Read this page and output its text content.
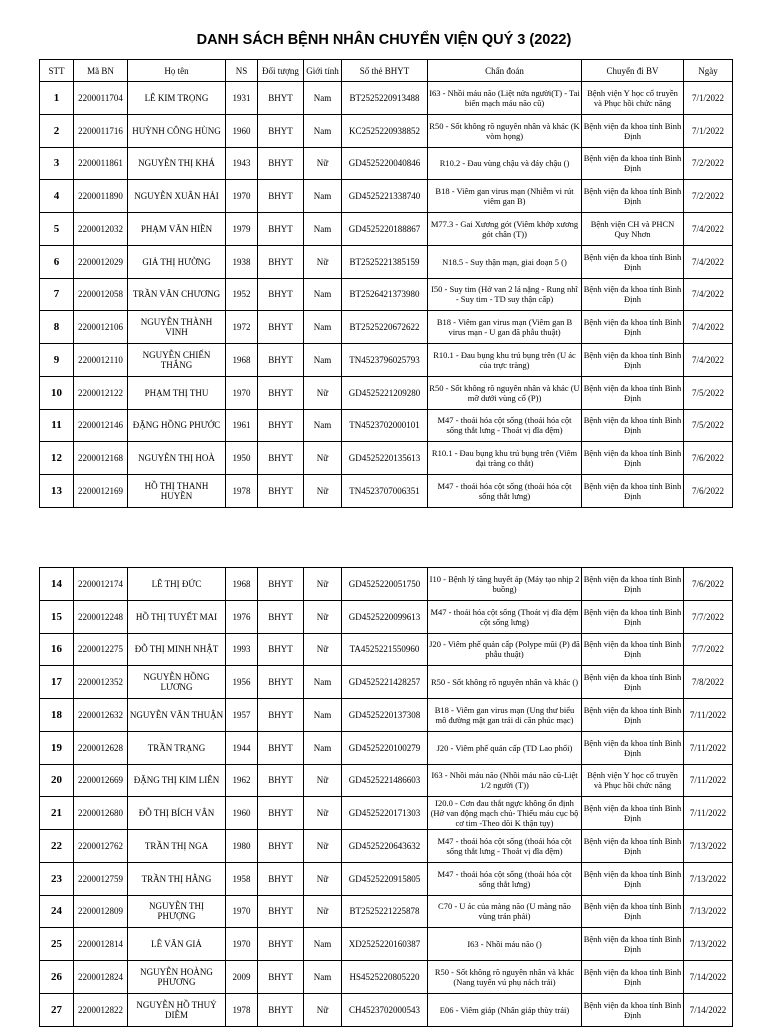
DANH SÁCH BỆNH NHÂN CHUYỂN VIỆN QUÝ 3 (2022)
STT	Mã BN	Họ tên	NS	Đối tượng	Giới tính	Số thẻ BHYT	Chẩn đoán	Chuyển đi BV	Ngày
1	2200011704	LÊ KIM TRỌNG	1931	BHYT	Nam	BT2525220913488	I63 - Nhồi máu não (Liệt nửa người(T) - Tai biến mạch máu não cũ)	Bệnh viện Y học cổ truyền và Phục hồi chức năng	7/1/2022
2	2200011716	HUỲNH CÔNG HÙNG	1960	BHYT	Nam	KC2525220938852	R50 - Sốt không rõ nguyên nhân và khác (K vòm họng)	Bệnh viện đa khoa tỉnh Bình Định	7/1/2022
3	2200011861	NGUYỄN THỊ KHÁ	1943	BHYT	Nữ	GD4525220040846	R10.2 - Đau vùng chậu và đáy chậu ()	Bệnh viện đa khoa tỉnh Bình Định	7/2/2022
4	2200011890	NGUYỄN XUÂN HẢI	1970	BHYT	Nam	GD4525221338740	B18 - Viêm gan virus mạn (Nhiễm vi rút viêm gan B)	Bệnh viện đa khoa tỉnh Bình Định	7/2/2022
5	2200012032	PHẠM VĂN HIỀN	1979	BHYT	Nam	GD4525220188867	M77.3 - Gai Xương gót (Viêm khớp xương gót chân (T))	Bệnh viện CH và PHCN Quy Nhơn	7/4/2022
6	2200012029	GIẢ THỊ HƯỜNG	1938	BHYT	Nữ	BT2525221385159	N18.5 - Suy thận mạn, giai đoạn 5 ()	Bệnh viện đa khoa tỉnh Bình Định	7/4/2022
7	2200012058	TRẦN VĂN CHƯƠNG	1952	BHYT	Nam	BT2526421373980	I50 - Suy tim (Hở van 2 lá nặng - Rung nhĩ - Suy tim - TD suy thận cấp)	Bệnh viện đa khoa tỉnh Bình Định	7/4/2022
8	2200012106	NGUYỄN THÀNH VINH	1972	BHYT	Nam	BT2525220672622	B18 - Viêm gan virus mạn (Viêm gan B virus mạn - U gan đã phẫu thuật)	Bệnh viện đa khoa tỉnh Bình Định	7/4/2022
9	2200012110	NGUYỄN CHIẾN THẮNG	1968	BHYT	Nam	TN4523796025793	R10.1 - Đau bụng khu trú bụng trên (U ác của trực tràng)	Bệnh viện đa khoa tỉnh Bình Định	7/4/2022
10	2200012122	PHẠM THỊ THU	1970	BHYT	Nữ	GD4525221209280	R50 - Sốt không rõ nguyên nhân và khác (U mỡ dưới vùng cổ (P))	Bệnh viện đa khoa tỉnh Bình Định	7/5/2022
11	2200012146	ĐẶNG HỒNG PHƯỚC	1961	BHYT	Nam	TN4523702000101	M47 - thoái hóa cột sống (thoái hóa cột sống thắt lưng - Thoát vị đĩa đệm)	Bệnh viện đa khoa tỉnh Bình Định	7/5/2022
12	2200012168	NGUYỄN THỊ HOÀ	1950	BHYT	Nữ	GD4525220135613	R10.1 - Đau bụng khu trú bụng trên (Viêm đại tràng co thắt)	Bệnh viện đa khoa tỉnh Bình Định	7/6/2022
13	2200012169	HỒ THỊ THANH HUYỀN	1978	BHYT	Nữ	TN4523707006351	M47 - thoái hóa cột sống (thoái hóa cột sống thắt lưng)	Bệnh viện đa khoa tỉnh Bình Định	7/6/2022
14	2200012174	LÊ THỊ ĐỨC	1968	BHYT	Nữ	GD4525220051750	I10 - Bệnh lý tăng huyết áp (Máy tạo nhịp 2 buồng)	Bệnh viện đa khoa tỉnh Bình Định	7/6/2022
15	2200012248	HỒ THỊ TUYẾT MAI	1976	BHYT	Nữ	GD4525220099613	M47 - thoái hóa cột sống (Thoát vị đĩa đệm cột sống lưng)	Bệnh viện đa khoa tỉnh Bình Định	7/7/2022
16	2200012275	ĐỖ THỊ MINH NHẬT	1993	BHYT	Nữ	TA4525221550960	J20 - Viêm phế quản cấp (Polype mũi (P) đã phẫu thuật)	Bệnh viện đa khoa tỉnh Bình Định	7/7/2022
17	2200012352	NGUYỄN HỒNG LƯƠNG	1956	BHYT	Nam	GD4525221428257	R50 - Sốt không rõ nguyên nhân và khác ()	Bệnh viện đa khoa tỉnh Bình Định	7/8/2022
18	2200012632	NGUYỄN VĂN THUẬN	1957	BHYT	Nam	GD4525220137308	B18 - Viêm gan virus mạn (Ung thư biểu mô đường mật gan trái di căn phúc mạc)	Bệnh viện đa khoa tỉnh Bình Định	7/11/2022
19	2200012628	TRẦN TRẠNG	1944	BHYT	Nam	GD4525220100279	J20 - Viêm phế quản cấp (TD Lao phổi)	Bệnh viện đa khoa tỉnh Bình Định	7/11/2022
20	2200012669	ĐẶNG THỊ KIM LIÊN	1962	BHYT	Nữ	GD4525221486603	I63 - Nhồi máu não (Nhồi máu não cũ-Liệt 1/2 người (T))	Bệnh viện Y học cổ truyền và Phục hồi chức năng	7/11/2022
21	2200012680	ĐỖ THỊ BÍCH VÂN	1960	BHYT	Nữ	GD4525220171303	I20.0 - Cơn đau thắt ngực không ổn định (Hở van động mạch chủ- Thiếu máu cục bộ cơ tim -Theo dõi K thận tụy)	Bệnh viện đa khoa tỉnh Bình Định	7/11/2022
22	2200012762	TRẦN THỊ NGA	1980	BHYT	Nữ	GD4525220643632	M47 - thoái hóa cột sống (thoái hóa cột sống thắt lưng - Thoát vị đĩa đệm)	Bệnh viện đa khoa tỉnh Bình Định	7/13/2022
23	2200012759	TRẦN THỊ HẰNG	1958	BHYT	Nữ	GD4525220915805	M47 - thoái hóa cột sống (thoái hóa cột sống thắt lưng)	Bệnh viện đa khoa tỉnh Bình Định	7/13/2022
24	2200012809	NGUYỄN THỊ PHƯỢNG	1970	BHYT	Nữ	BT2525221225878	C70 - U ác của màng não (U màng não vùng trán phải)	Bệnh viện đa khoa tỉnh Bình Định	7/13/2022
25	2200012814	LÊ VĂN GIẢ	1970	BHYT	Nam	XD2525220160387	I63 - Nhồi máu não ()	Bệnh viện đa khoa tỉnh Bình Định	7/13/2022
26	2200012824	NGUYỄN HOÀNG PHƯƠNG	2009	BHYT	Nam	HS4525220805220	R50 - Sốt không rõ nguyên nhân và khác (Nang tuyến vú phụ nách trái)	Bệnh viện đa khoa tỉnh Bình Định	7/14/2022
27	2200012822	NGUYỄN HỒ THUÝ DIỄM	1978	BHYT	Nữ	CH4523702000543	E06 - Viêm giáp (Nhân giáp thùy trái)	Bệnh viện đa khoa tỉnh Bình Định	7/14/2022
